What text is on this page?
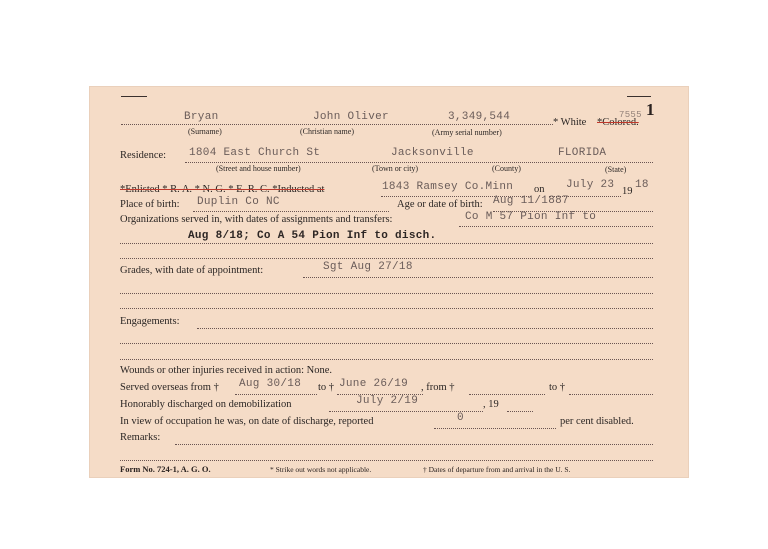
1
Bryan	John Oliver	3,349,544
(Surname)	(Christian name)	(Army serial number)
* White *Colored.
7555
Residence: 1804 East Church St	Jacksonville	FLORIDA
(Street and house number)	(Town or city)	(County)	(State)
*Enlisted * R. A. * N. G. * E. R. C. *Inducted at	1843 Ramsey Co.Minn on July 23
19
18
Place of birth: Duplin Co NC	Age or date of birth: Aug 11/1887
Organizations served in, with dates of assignments and transfers:	Co M 57 Pion Inf to
Aug 8/18; Co A 54 Pion Inf to disch.
Grades, with date of appointment:	Sgt Aug 27/18
Engagements:
Wounds or other injuries received in action: None.
Served overseas from † Aug 30/18 to † June 26/19 , from †	to †
Honorably discharged on demobilization	July 2/19	, 19
In view of occupation he was, on date of discharge, reported	0	per cent disabled.
Remarks:
Form No. 724-1, A. G. O.	* Strike out words not applicable.	† Dates of departure from and arrival in the U. S.
